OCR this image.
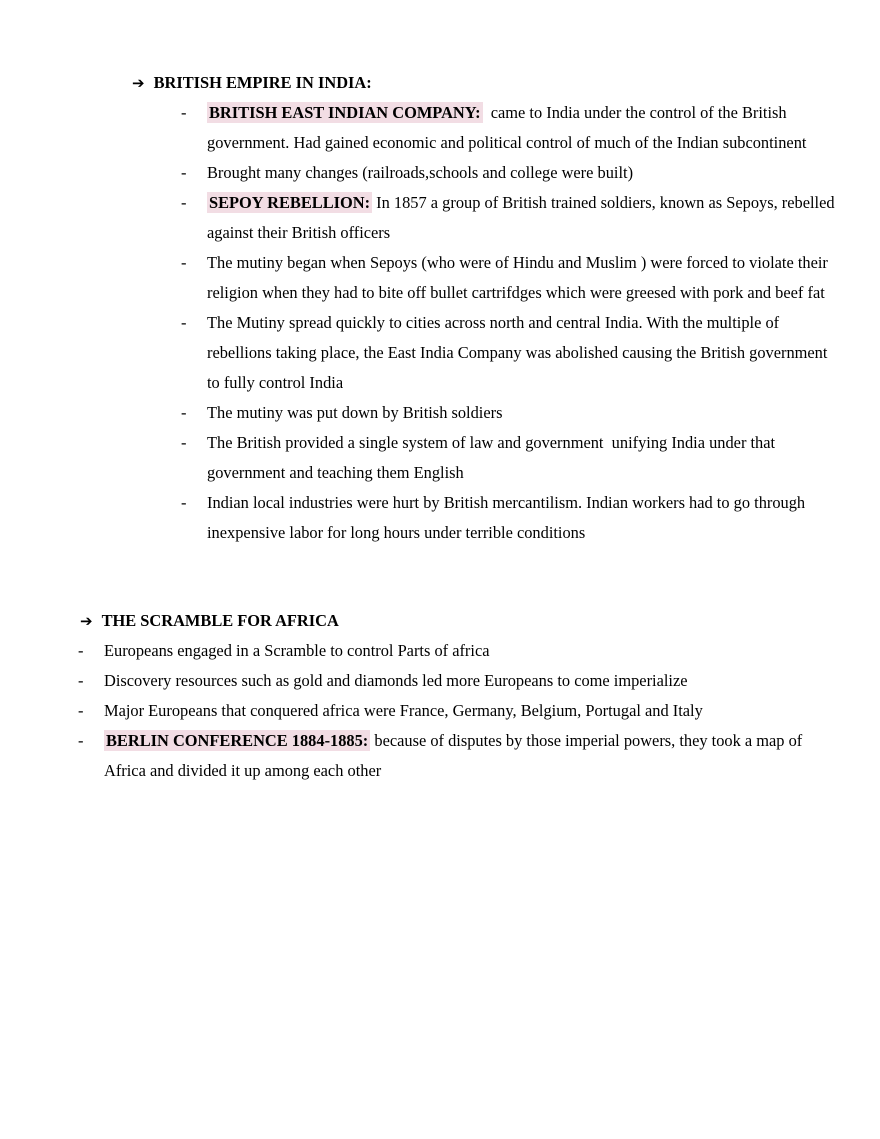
➔ BRITISH EMPIRE IN INDIA:
- BRITISH EAST INDIAN COMPANY:  came to India under the control of the British government. Had gained economic and political control of much of the Indian subcontinent
- Brought many changes (railroads,schools and college were built)
- SEPOY REBELLION: In 1857 a group of British trained soldiers, known as Sepoys, rebelled against their British officers
- The mutiny began when Sepoys (who were of Hindu and Muslim ) were forced to violate their religion when they had to bite off bullet cartrifdges which were greesed with pork and beef fat
- The Mutiny spread quickly to cities across north and central India. With the multiple of rebellions taking place, the East India Company was abolished causing the British government to fully control India
- The mutiny was put down by British soldiers
- The British provided a single system of law and government  unifying India under that government and teaching them English
- Indian local industries were hurt by British mercantilism. Indian workers had to go through inexpensive labor for long hours under terrible conditions
➔ THE SCRAMBLE FOR AFRICA
- Europeans engaged in a Scramble to control Parts of africa
- Discovery resources such as gold and diamonds led more Europeans to come imperialize
- Major Europeans that conquered africa were France, Germany, Belgium, Portugal and Italy
- BERLIN CONFERENCE 1884-1885: because of disputes by those imperial powers, they took a map of Africa and divided it up among each other
